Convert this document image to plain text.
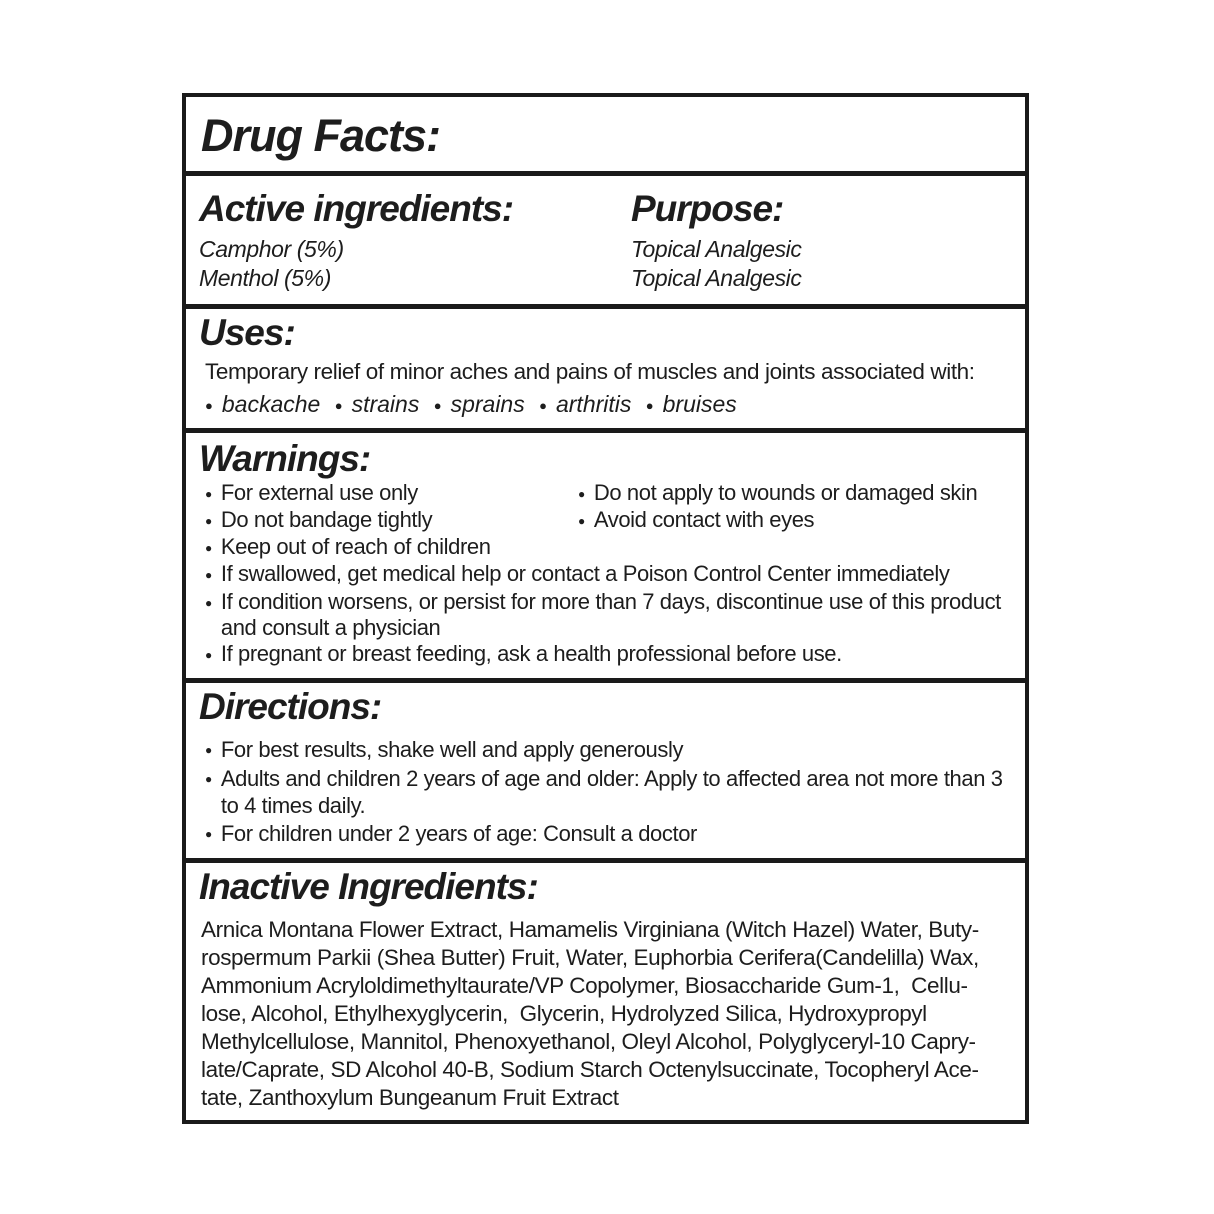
Drug Facts:
Active ingredients:
Camphor (5%)
Menthol (5%)
Purpose:
Topical Analgesic
Topical Analgesic
Uses:
Temporary relief of minor aches and pains of muscles and joints associated with:
● backache ● strains ● sprains ● arthritis ● bruises
Warnings:
● For external use only	● Do not apply to wounds or damaged skin
● Do not bandage tightly	● Avoid contact with eyes
● Keep out of reach of children
● If swallowed, get medical help or contact a Poison Control Center immediately
● If condition worsens, or persist for more than 7 days, discontinue use of this product and consult a physician
● If pregnant or breast feeding, ask a health professional before use.
Directions:
● For best results, shake well and apply generously
● Adults and children 2 years of age and older: Apply to affected area not more than 3 to 4 times daily.
● For children under 2 years of age: Consult a doctor
Inactive Ingredients:
Arnica Montana Flower Extract, Hamamelis Virginiana (Witch Hazel) Water, Buty-
rospermum Parkii (Shea Butter) Fruit, Water, Euphorbia Cerifera(Candelilla) Wax,
Ammonium Acryloldimethyltaurate/VP Copolymer, Biosaccharide Gum-1,  Cellu-
lose, Alcohol, Ethylhexyglycerin,  Glycerin, Hydrolyzed Silica, Hydroxypropyl
Methylcellulose, Mannitol, Phenoxyethanol, Oleyl Alcohol, Polyglyceryl-10 Capry-
late/Caprate, SD Alcohol 40-B, Sodium Starch Octenylsuccinate, Tocopheryl Ace-
tate, Zanthoxylum Bungeanum Fruit Extract
